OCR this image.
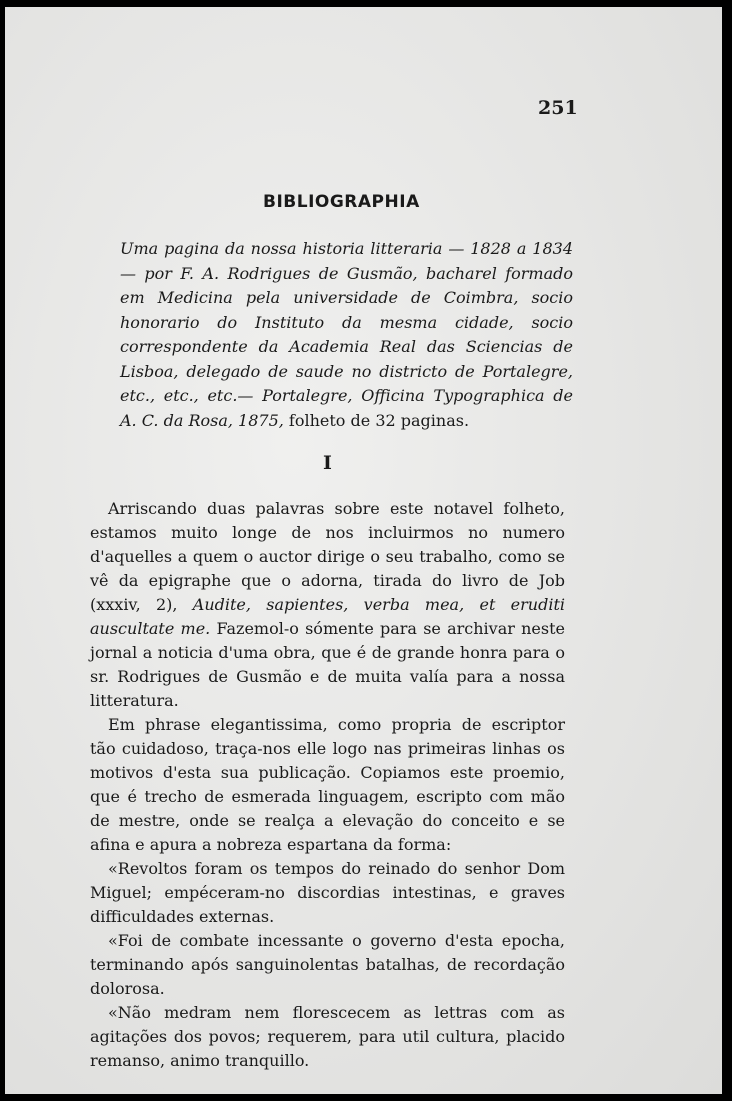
251
BIBLIOGRAPHIA

Uma pagina da nossa historia litteraria — 1828 a 1834 — por F. A. Rodrigues de Gusmão, bacharel formado em Medicina pela universidade de Coimbra, socio honorario do Instituto da mesma cidade, socio correspondente da Academia Real das Sciencias de Lisboa, delegado de saude no districto de Portalegre, etc., etc., etc.— Portalegre, Officina Typographica de A. C. da Rosa, 1875, folheto de 32 paginas.

I

Arriscando duas palavras sobre este notavel folheto, estamos muito longe de nos incluirmos no numero d'aquelles a quem o auctor dirige o seu trabalho, como se vê da epigraphe que o adorna, tirada do livro de Job (xxxiv, 2), Audite, sapientes, verba mea, et eruditi auscultate me. Fazemol-o sómente para se archivar neste jornal a noticia d'uma obra, que é de grande honra para o sr. Rodrigues de Gusmão e de muita valía para a nossa litteratura.

Em phrase elegantissima, como propria de escriptor tão cuidadoso, traça-nos elle logo nas primeiras linhas os motivos d'esta sua publicação. Copiamos este proemio, que é trecho de esmerada linguagem, escripto com mão de mestre, onde se realça a elevação do conceito e se afina e apura a nobreza espartana da forma:

«Revoltos foram os tempos do reinado do senhor Dom Miguel; empéceram-no discordias intestinas, e graves difficuldades externas.

«Foi de combate incessante o governo d'esta epocha, terminando após sanguinolentas batalhas, de recordação dolorosa.

«Não medram nem florescecem as lettras com as agitações dos povos; requerem, para util cultura, placido remanso, animo tranquillo.
